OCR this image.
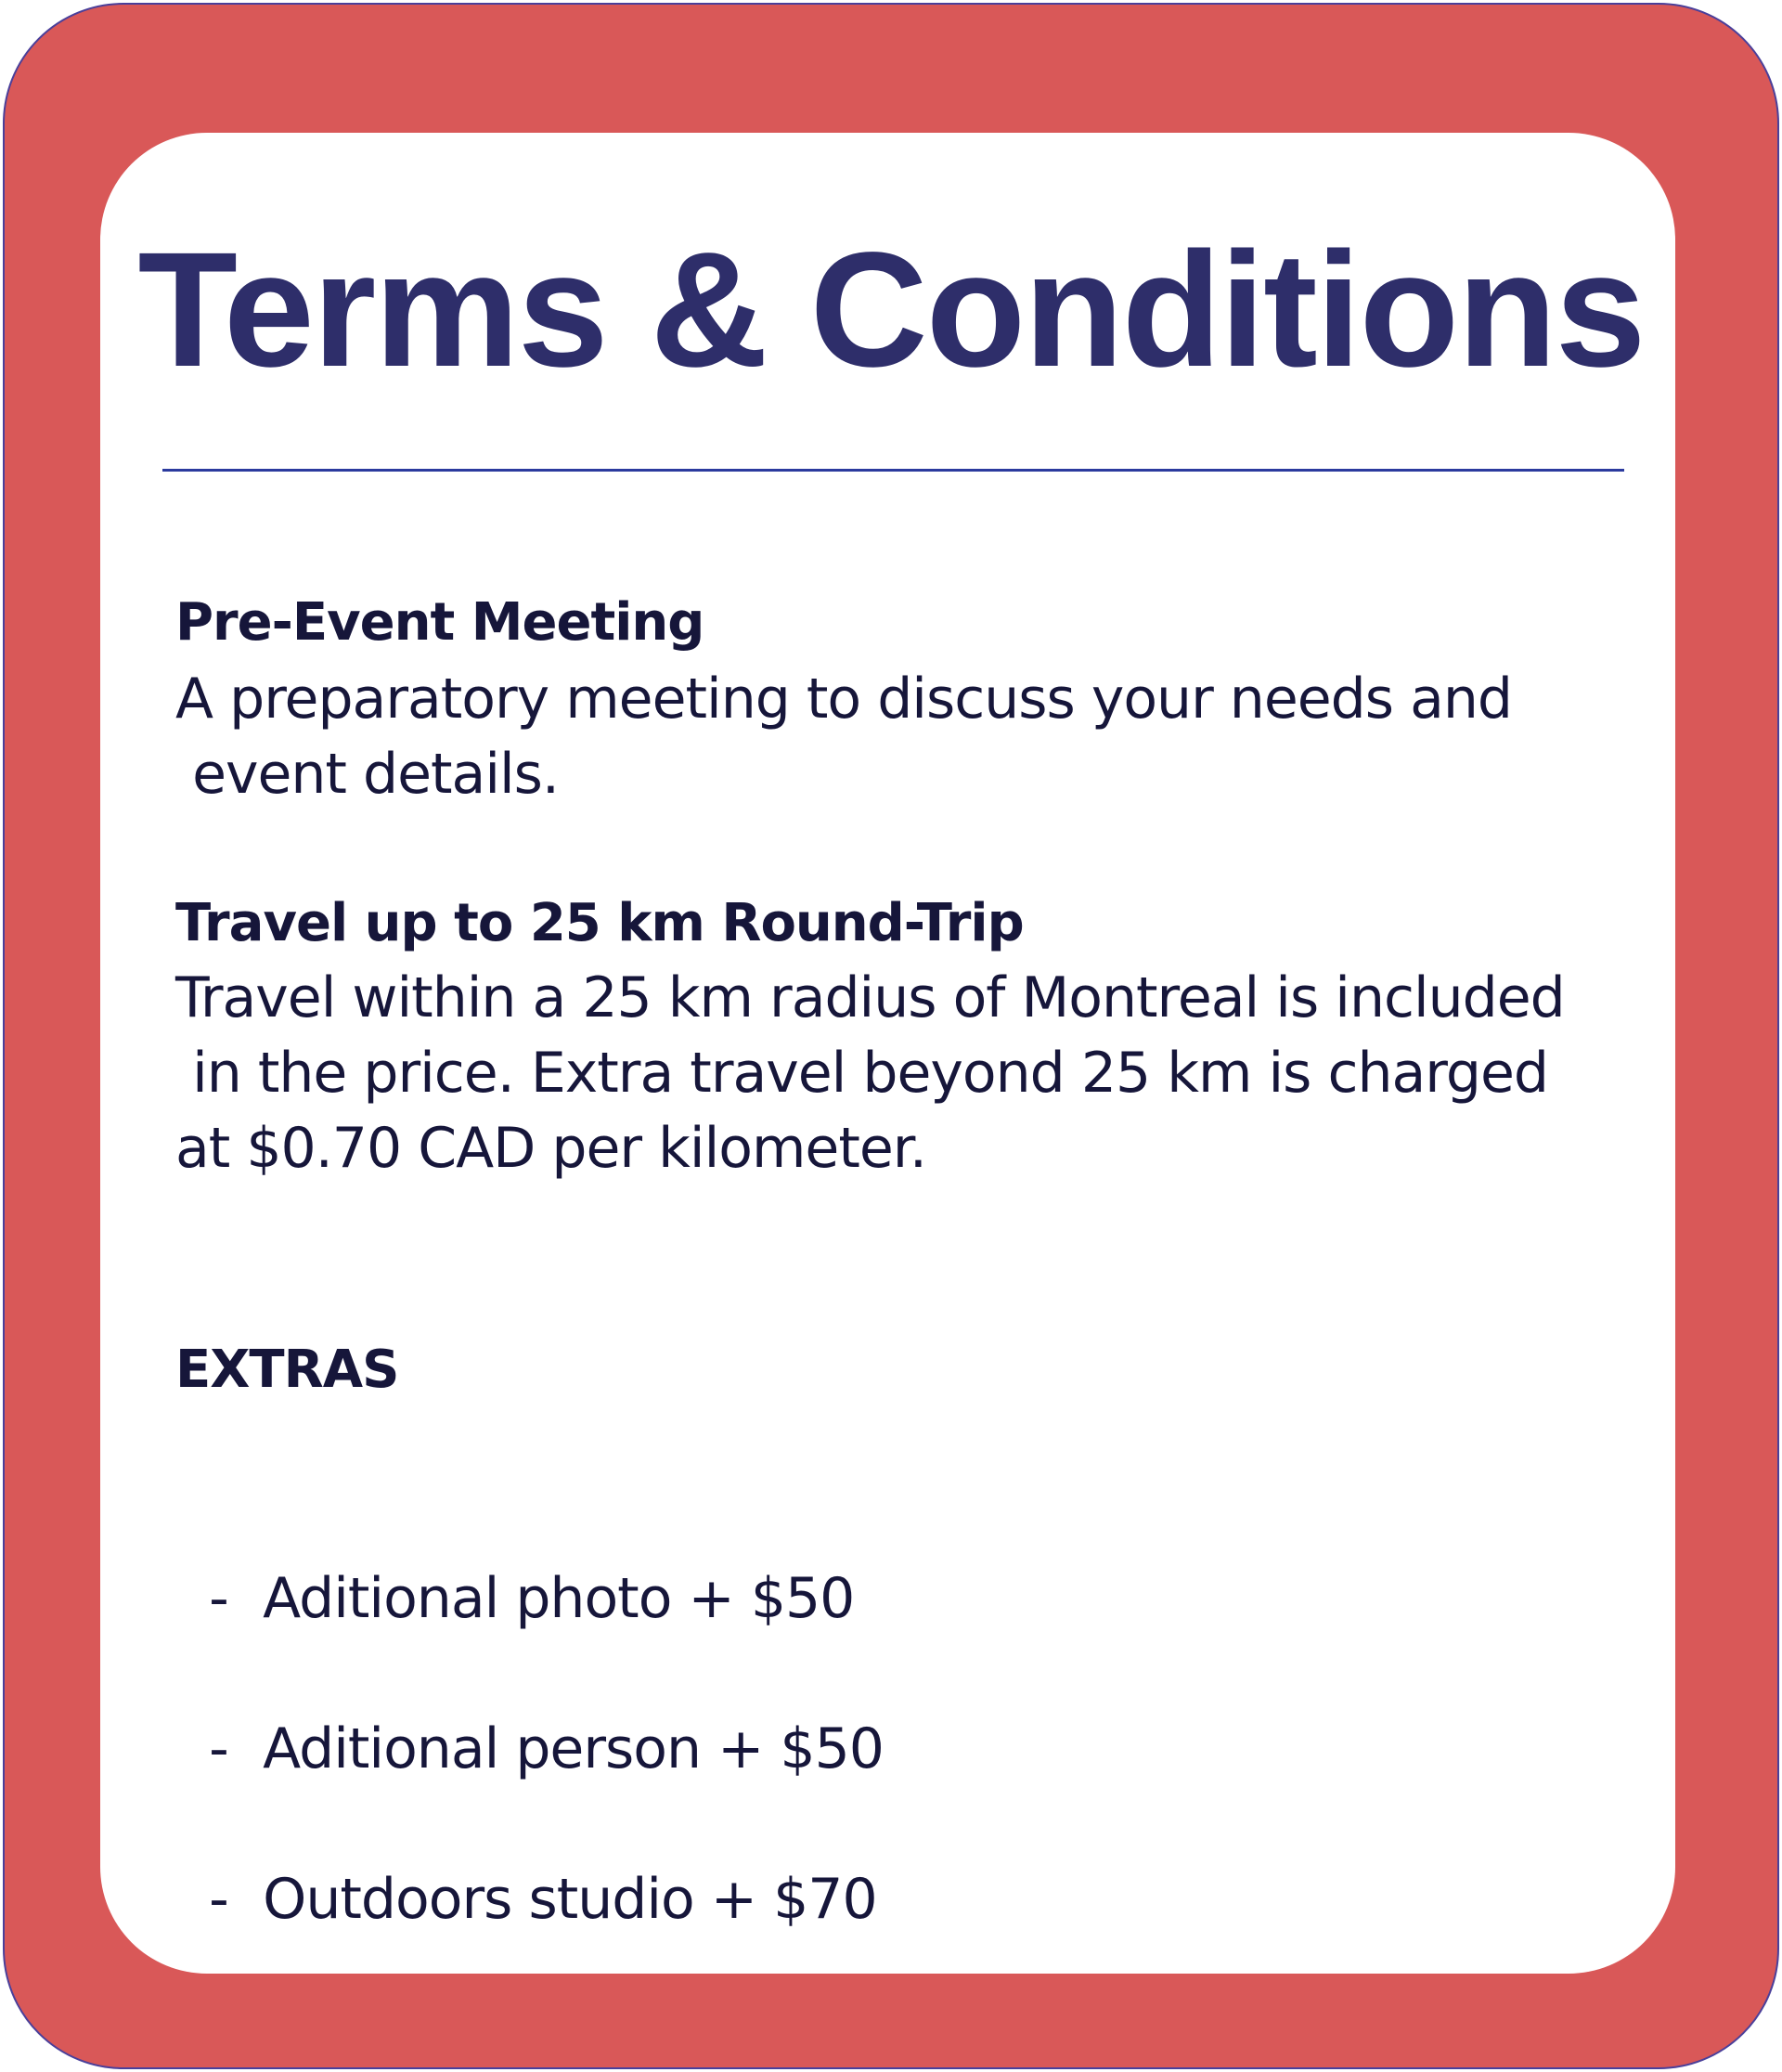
Terms & Conditions
Pre-Event Meeting
A preparatory meeting to discuss your needs and
event details.
Travel up to 25 km Round-Trip
Travel within a 25 km radius of Montreal is included
in the price. Extra travel beyond 25 km is charged
at $0.70 CAD per kilometer.
EXTRAS

- Aditional photo + $50

- Aditional person + $50

- Outdoors studio + $70
